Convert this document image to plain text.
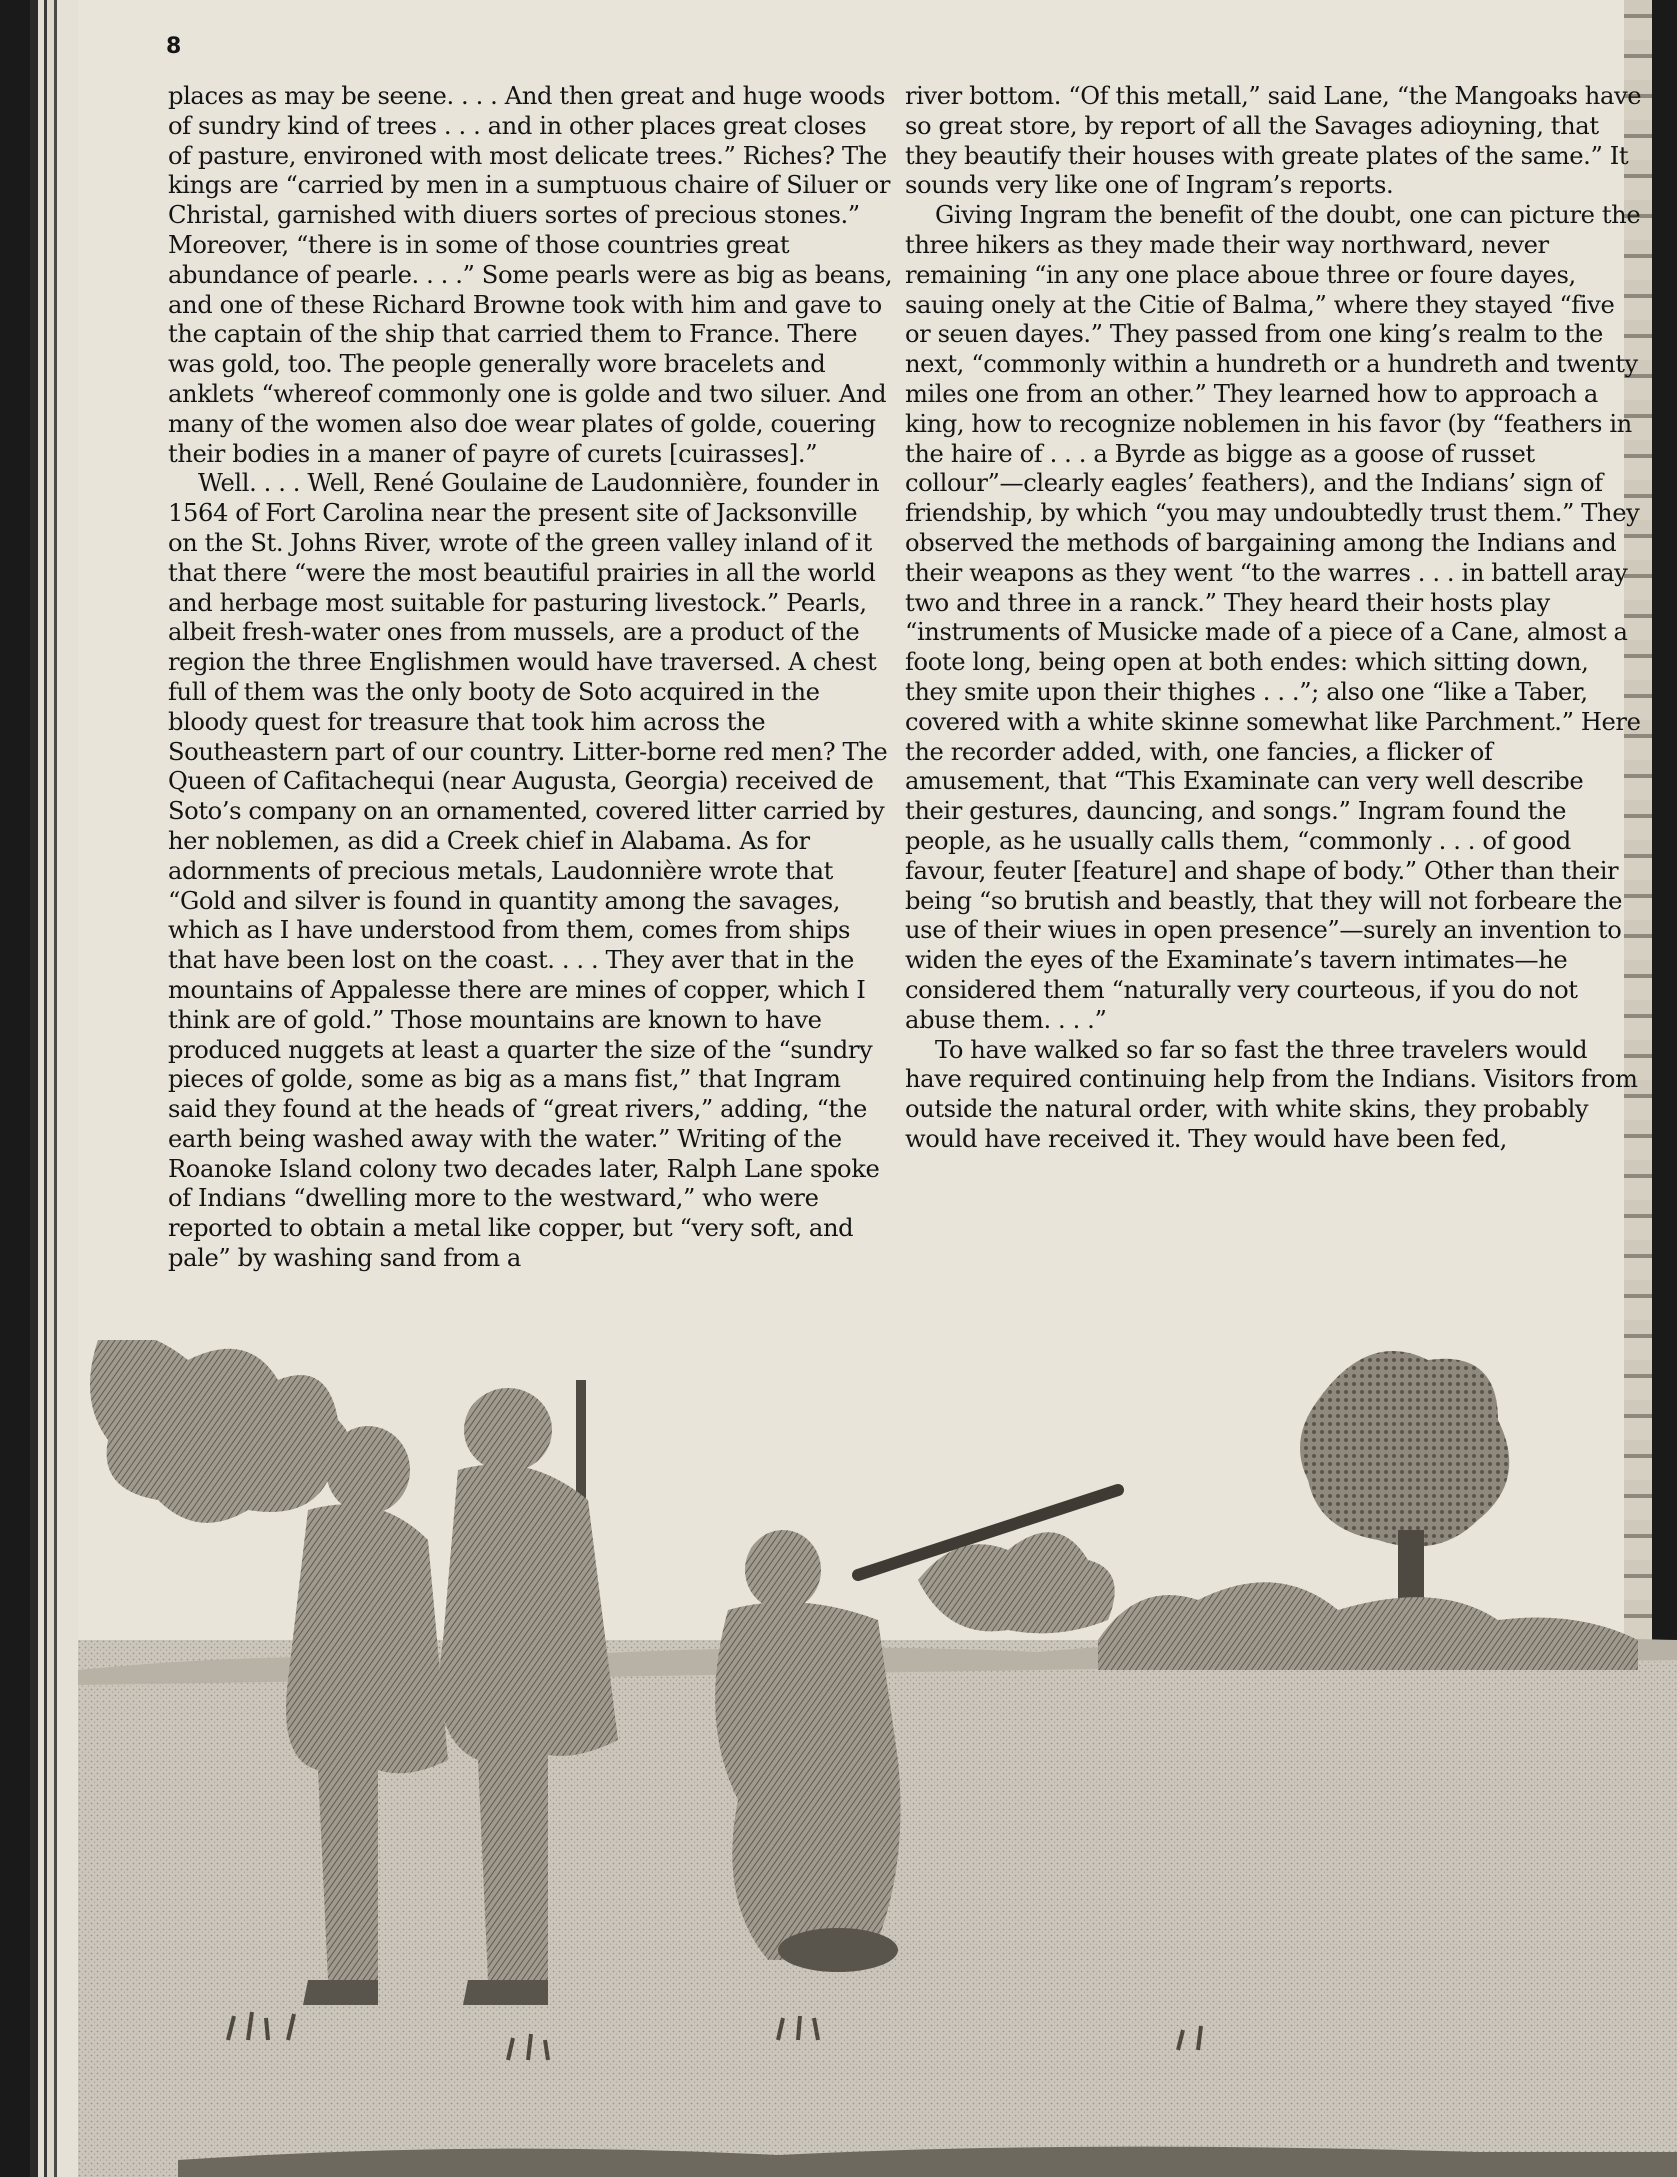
8

places as may be seene. . . . And then great and huge woods of sundry kind of trees . . . and in other places great closes of pasture, environed with most delicate trees.” Riches? The kings are “carried by men in a sumptuous chaire of Siluer or Christal, garnished with diuers sortes of precious stones.” Moreover, “there is in some of those countries great abundance of pearle. . . .” Some pearls were as big as beans, and one of these Richard Browne took with him and gave to the captain of the ship that carried them to France. There was gold, too. The people generally wore bracelets and anklets “whereof commonly one is golde and two siluer. And many of the women also doe wear plates of golde, couering their bodies in a maner of payre of curets [cuirasses].”

Well. . . . Well, René Goulaine de Laudonnière, founder in 1564 of Fort Carolina near the present site of Jacksonville on the St. Johns River, wrote of the green valley inland of it that there “were the most beautiful prairies in all the world and herbage most suitable for pasturing livestock.” Pearls, albeit fresh-water ones from mussels, are a product of the region the three Englishmen would have traversed. A chest full of them was the only booty de Soto acquired in the bloody quest for treasure that took him across the Southeastern part of our country. Litter-borne red men? The Queen of Cafitachequi (near Augusta, Georgia) received de Soto’s company on an ornamented, covered litter carried by her noblemen, as did a Creek chief in Alabama. As for adornments of precious metals, Laudonnière wrote that “Gold and silver is found in quantity among the savages, which as I have understood from them, comes from ships that have been lost on the coast. . . . They aver that in the mountains of Appalesse there are mines of copper, which I think are of gold.” Those mountains are known to have produced nuggets at least a quarter the size of the “sundry pieces of golde, some as big as a mans fist,” that Ingram said they found at the heads of “great rivers,” adding, “the earth being washed away with the water.” Writing of the Roanoke Island colony two decades later, Ralph Lane spoke of Indians “dwelling more to the westward,” who were reported to obtain a metal like copper, but “very soft, and pale” by washing sand from a

river bottom. “Of this metall,” said Lane, “the Mangoaks have so great store, by report of all the Savages adioyning, that they beautify their houses with greate plates of the same.” It sounds very like one of Ingram’s reports.

Giving Ingram the benefit of the doubt, one can picture the three hikers as they made their way northward, never remaining “in any one place aboue three or foure dayes, sauing onely at the Citie of Balma,” where they stayed “five or seuen dayes.” They passed from one king’s realm to the next, “commonly within a hundreth or a hundreth and twenty miles one from an other.” They learned how to approach a king, how to recognize noblemen in his favor (by “feathers in the haire of . . . a Byrde as bigge as a goose of russet collour”—clearly eagles’ feathers), and the Indians’ sign of friendship, by which “you may undoubtedly trust them.” They observed the methods of bargaining among the Indians and their weapons as they went “to the warres . . . in battell aray two and three in a ranck.” They heard their hosts play “instruments of Musicke made of a piece of a Cane, almost a foote long, being open at both endes: which sitting down, they smite upon their thighes . . .”; also one “like a Taber, covered with a white skinne somewhat like Parchment.” Here the recorder added, with, one fancies, a flicker of amusement, that “This Examinate can very well describe their gestures, dauncing, and songs.” Ingram found the people, as he usually calls them, “commonly . . . of good favour, feuter [feature] and shape of body.” Other than their being “so brutish and beastly, that they will not forbeare the use of their wiues in open presence”—surely an invention to widen the eyes of the Examinate’s tavern intimates—he considered them “naturally very courteous, if you do not abuse them. . . .”

To have walked so far so fast the three travelers would have required continuing help from the Indians. Visitors from outside the natural order, with white skins, they probably would have received it. They would have been fed,
